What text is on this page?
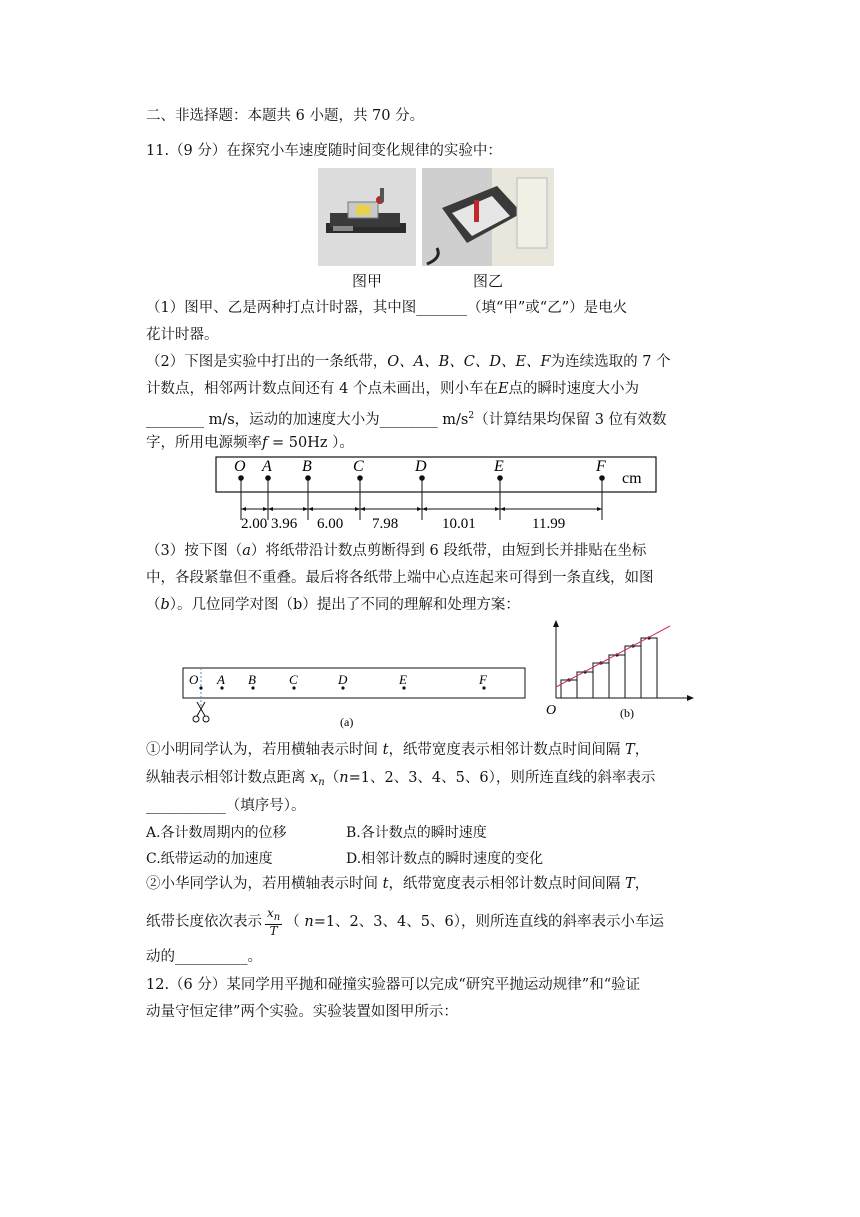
二、非选择题：本题共 6 小题，共 70 分。
11.（9 分）在探究小车速度随时间变化规律的实验中：
图甲	图乙
（1）图甲、乙是两种打点计时器，其中图_______（填“甲”或“乙”）是电火
花计时器。
（2）下图是实验中打出的一条纸带，O、A、B、C、D、E、F为连续选取的 7 个
计数点，相邻两计数点间还有 4 个点未画出，则小车在E点的瞬时速度大小为
________ m/s，运动的加速度大小为________ $m/s^2$（计算结果均保留 3 位有效数
字，所用电源频率f = 50Hz ）。
O A B	C	D	E	F
cm
2.00 3.96 6.00 7.98	10.01	11.99
（3）按下图（a）将纸带沿计数点剪断得到 6 段纸带，由短到长并排贴在坐标
中，各段紧靠但不重叠。最后将各纸带上端中心点连起来可得到一条直线，如图
（b）。几位同学对图（b）提出了不同的理解和处理方案：
O A B	C	D	E	F
(a)
O	(b)
①小明同学认为，若用横轴表示时间 t，纸带宽度表示相邻计数点时间间隔 T，
纵轴表示相邻计数点距离 $x_n(n=1$、2、3、4、5、6），则所连直线的斜率表示
___________（填序号）。
A.各计数周期内的位移	B.各计数点的瞬时速度
C.纸带运动的加速度	D.相邻计数点的瞬时速度的变化
②小华同学认为，若用横轴表示时间 t，纸带宽度表示相邻计数点时间间隔 T，
纸带长度依次表示 $\frac{x_n}{T}$ （ n=1、2、3、4、5、6），则所连直线的斜率表示小车运
动的__________。
12.（6 分）某同学用平抛和碰撞实验器可以完成“研究平抛运动规律”和“验证
动量守恒定律”两个实验。实验装置如图甲所示：
